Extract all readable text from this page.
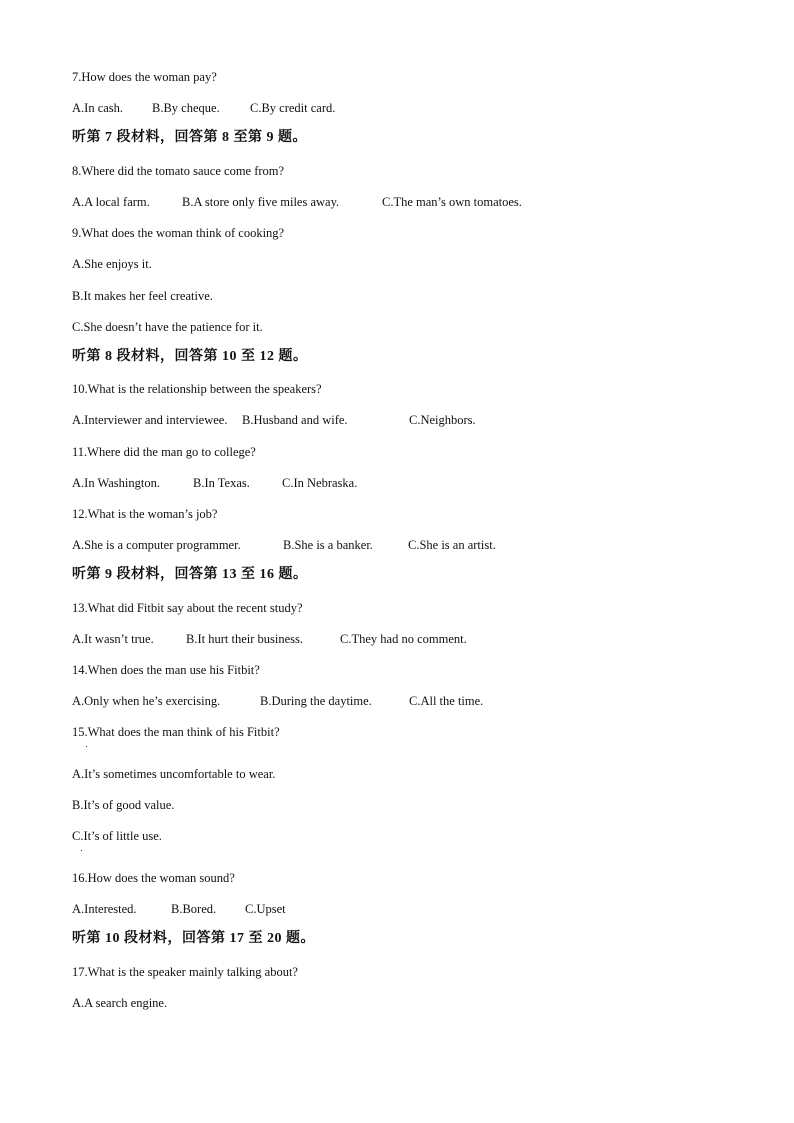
7.How does the woman pay?
A.In cash. B.By cheque. C.By credit card.
听第 7 段材料，回答第 8 至第 9 题。
8.Where did the tomato sauce come from?
A.A local farm.	B.A store only five miles away.	C.The man’s own tomatoes.
9.What does the woman think of cooking?
A.She enjoys it.
B.It makes her feel creative.
C.She doesn’t have the patience for it.
听第 8 段材料，回答第 10 至 12 题。
10.What is the relationship between the speakers?
A.Interviewer and interviewee. B.Husband and wife.	C.Neighbors.
11.Where did the man go to college?
A.In Washington.	B.In Texas.	C.In Nebraska.
12.What is the woman’s job?
A.She is a computer programmer.	B.She is a banker.	C.She is an artist.
听第 9 段材料，回答第 13 至 16 题。
13.What did Fitbit say about the recent study?
A.It wasn’t true.	B.It hurt their business.	C.They had no comment.
14.When does the man use his Fitbit?
A.Only when he’s exercising.	B.During the daytime.	C.All the time.
15.What does the man think of his Fitbit?
A.It’s sometimes uncomfortable to wear.
B.It’s of good value.
C.It’s of little use.
16.How does the woman sound?
A.Interested.	B.Bored. C.Upset
听第 10 段材料，回答第 17 至 20 题。
17.What is the speaker mainly talking about?
A.A search engine.
